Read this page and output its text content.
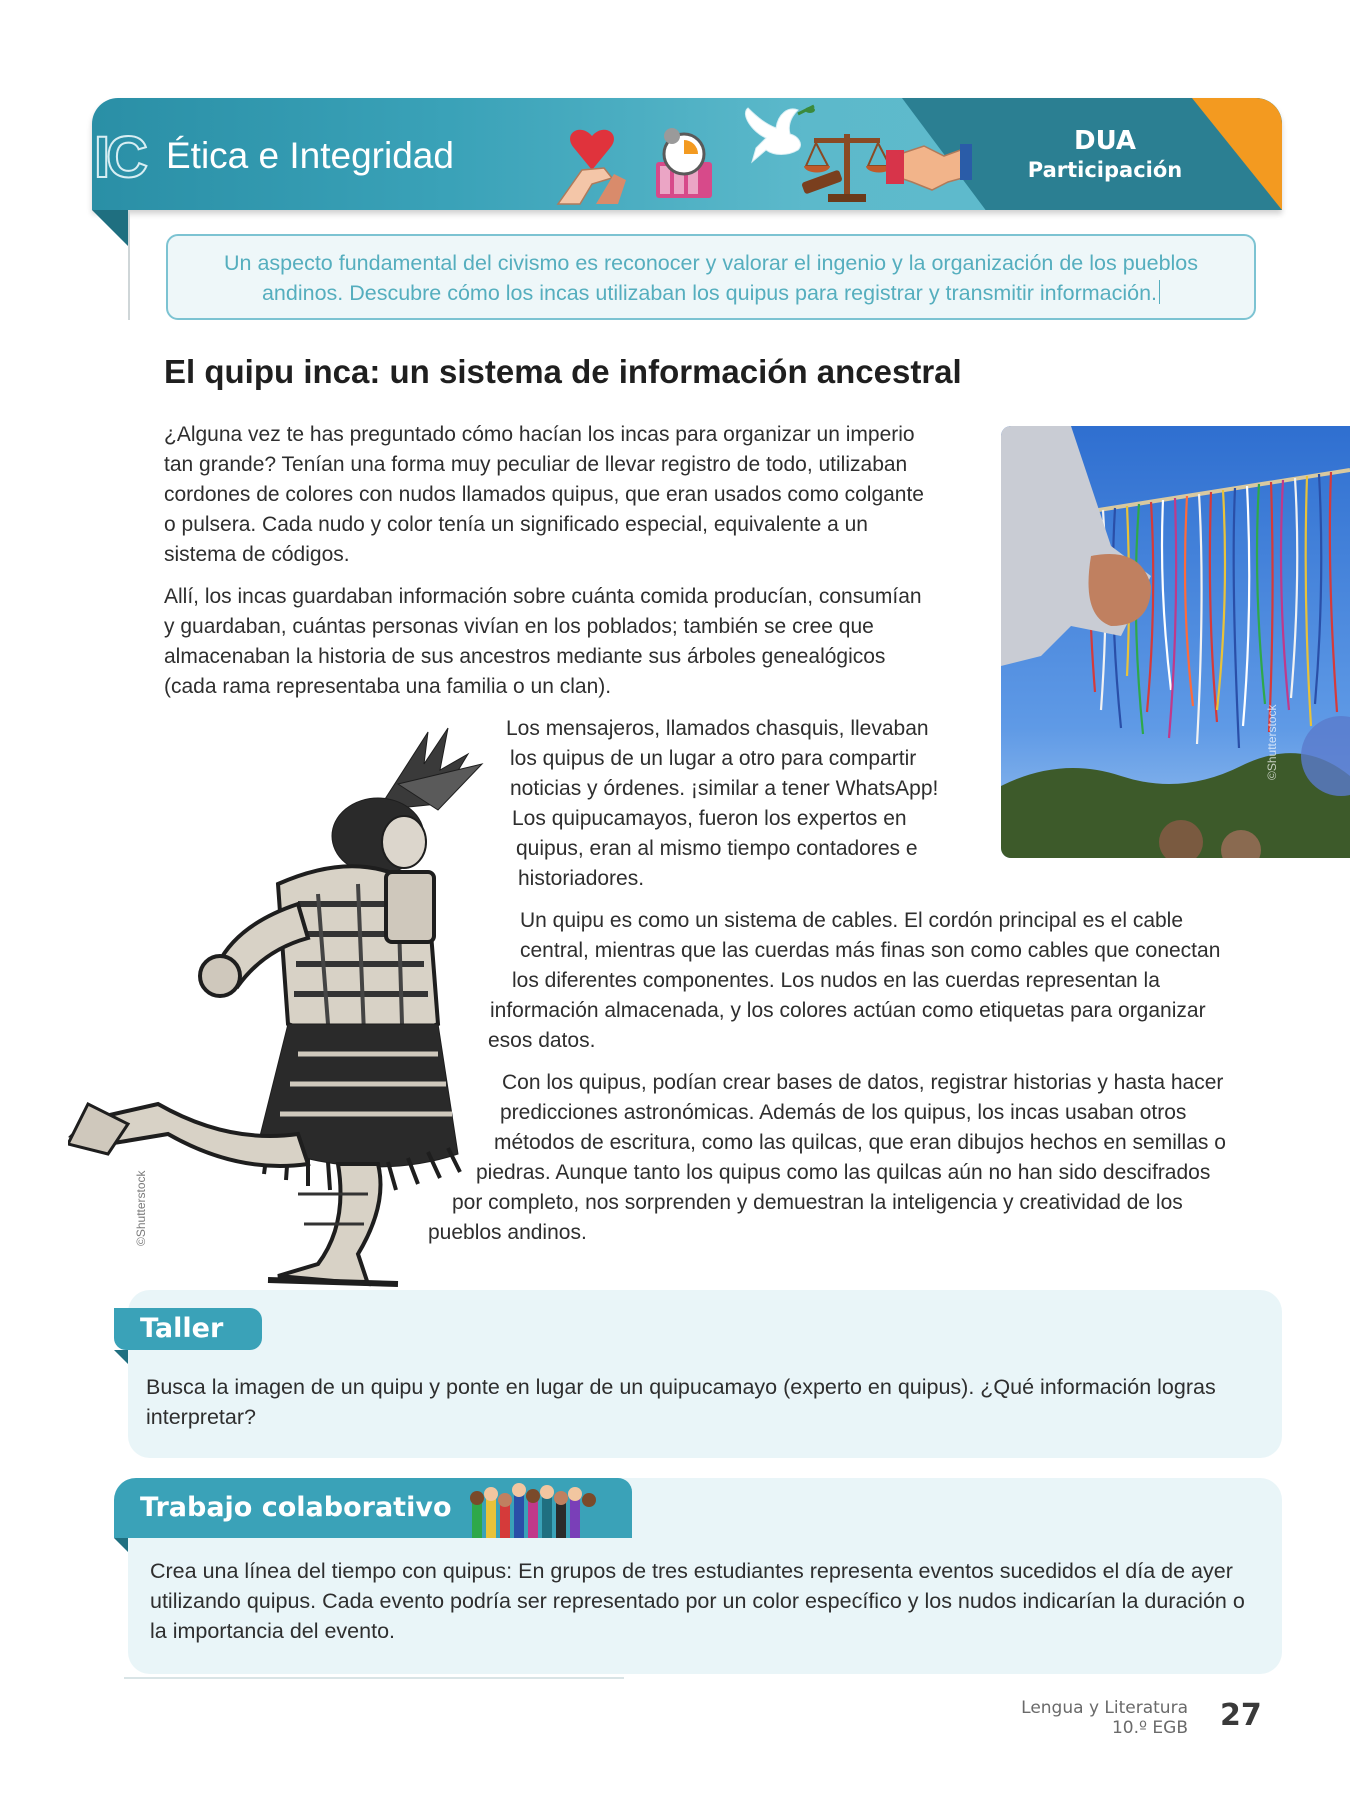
IC Ética e Integridad	DUA
Participación
Un aspecto fundamental del civismo es reconocer y valorar el ingenio y la organización de los pueblos
andinos. Descubre cómo los incas utilizaban los quipus para registrar y transmitir información.
El quipu inca: un sistema de información ancestral
¿Alguna vez te has preguntado cómo hacían los incas para organizar un imperio
tan grande? Tenían una forma muy peculiar de llevar registro de todo, utilizaban
cordones de colores con nudos llamados quipus, que eran usados como colgante
o pulsera. Cada nudo y color tenía un significado especial, equivalente a un
sistema de códigos.
Allí, los incas guardaban información sobre cuánta comida producían, consumían
y guardaban, cuántas personas vivían en los poblados; también se cree que
almacenaban la historia de sus ancestros mediante sus árboles genealógicos
(cada rama representaba una familia o un clan).
Los mensajeros, llamados chasquis, llevaban
los quipus de un lugar a otro para compartir
noticias y órdenes. ¡similar a tener WhatsApp!
Los quipucamayos, fueron los expertos en
quipus, eran al mismo tiempo contadores e
historiadores.
Un quipu es como un sistema de cables. El cordón principal es el cable
central, mientras que las cuerdas más finas son como cables que conectan
los diferentes componentes. Los nudos en las cuerdas representan la
información almacenada, y los colores actúan como etiquetas para organizar
esos datos.
Con los quipus, podían crear bases de datos, registrar historias y hasta hacer
predicciones astronómicas. Además de los quipus, los incas usaban otros
métodos de escritura, como las quilcas, que eran dibujos hechos en semillas o
piedras. Aunque tanto los quipus como las quilcas aún no han sido descifrados
por completo, nos sorprenden y demuestran la inteligencia y creatividad de los
pueblos andinos.
©Shutterstock
©Shutterstock
Taller
Busca la imagen de un quipu y ponte en lugar de un quipucamayo (experto en quipus). ¿Qué información logras interpretar?
Trabajo colaborativo
Crea una línea del tiempo con quipus: En grupos de tres estudiantes representa eventos sucedidos el día de ayer utilizando quipus. Cada evento podría ser representado por un color específico y los nudos indicarían la duración o la importancia del evento.
Lengua y Literatura
10.º EGB 27
